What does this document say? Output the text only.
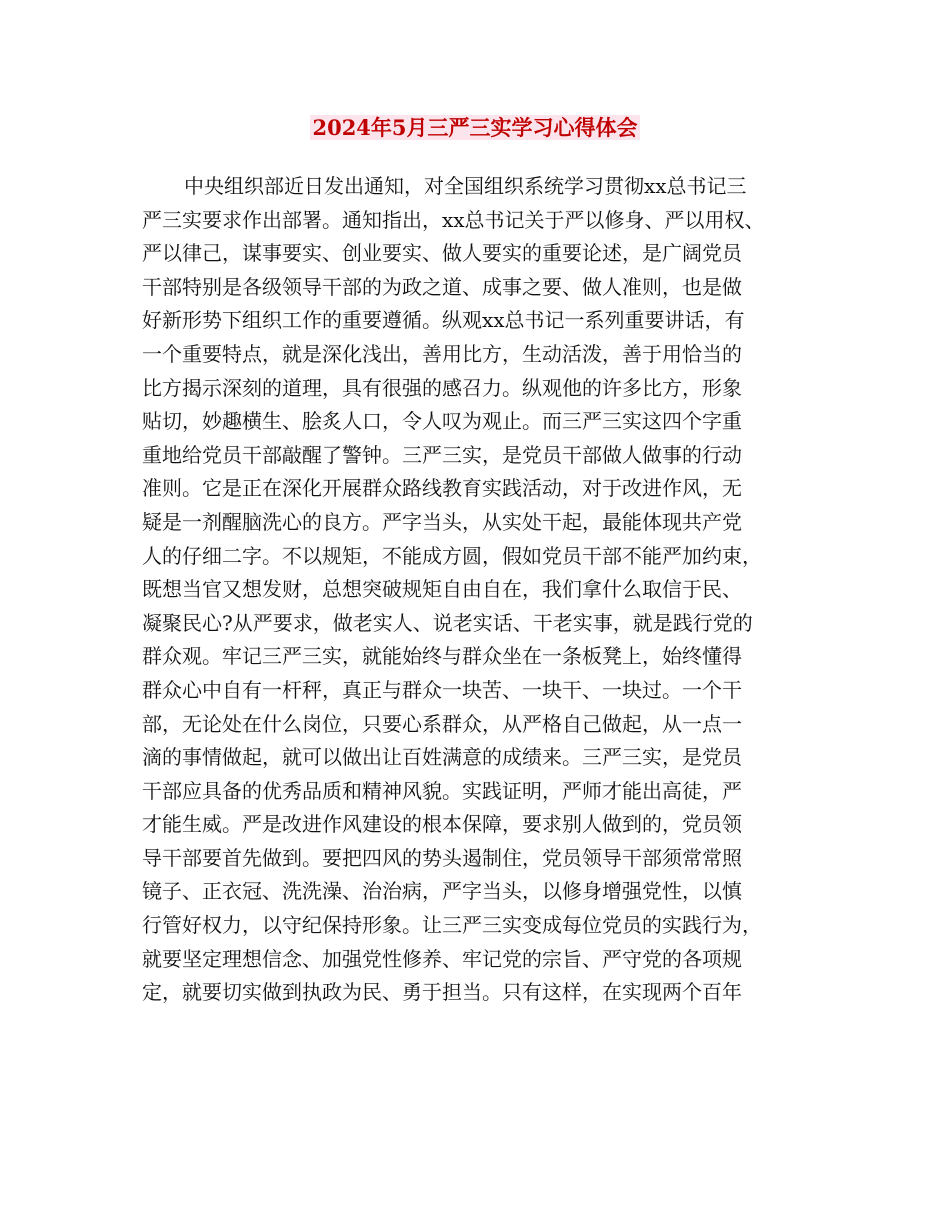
2024年5月三严三实学习心得体会
中央组织部近日发出通知，对全国组织系统学习贯彻xx总书记三
严三实要求作出部署。通知指出，xx总书记关于严以修身、严以用权、
严以律己，谋事要实、创业要实、做人要实的重要论述，是广阔党员
干部特别是各级领导干部的为政之道、成事之要、做人准则，也是做
好新形势下组织工作的重要遵循。纵观xx总书记一系列重要讲话，有
一个重要特点，就是深化浅出，善用比方，生动活泼，善于用恰当的
比方揭示深刻的道理，具有很强的感召力。纵观他的许多比方，形象
贴切，妙趣横生、脍炙人口，令人叹为观止。而三严三实这四个字重
重地给党员干部敲醒了警钟。三严三实，是党员干部做人做事的行动
准则。它是正在深化开展群众路线教育实践活动，对于改进作风，无
疑是一剂醒脑洗心的良方。严字当头，从实处干起，最能体现共产党
人的仔细二字。不以规矩，不能成方圆，假如党员干部不能严加约束，
既想当官又想发财，总想突破规矩自由自在，我们拿什么取信于民、
凝聚民心?从严要求，做老实人、说老实话、干老实事，就是践行党的
群众观。牢记三严三实，就能始终与群众坐在一条板凳上，始终懂得
群众心中自有一杆秤，真正与群众一块苦、一块干、一块过。一个干
部，无论处在什么岗位，只要心系群众，从严格自己做起，从一点一
滴的事情做起，就可以做出让百姓满意的成绩来。三严三实，是党员
干部应具备的优秀品质和精神风貌。实践证明，严师才能出高徒，严
才能生威。严是改进作风建设的根本保障，要求别人做到的，党员领
导干部要首先做到。要把四风的势头遏制住，党员领导干部须常常照
镜子、正衣冠、洗洗澡、治治病，严字当头，以修身增强党性，以慎
行管好权力，以守纪保持形象。让三严三实变成每位党员的实践行为，
就要坚定理想信念、加强党性修养、牢记党的宗旨、严守党的各项规
定，就要切实做到执政为民、勇于担当。只有这样，在实现两个百年
